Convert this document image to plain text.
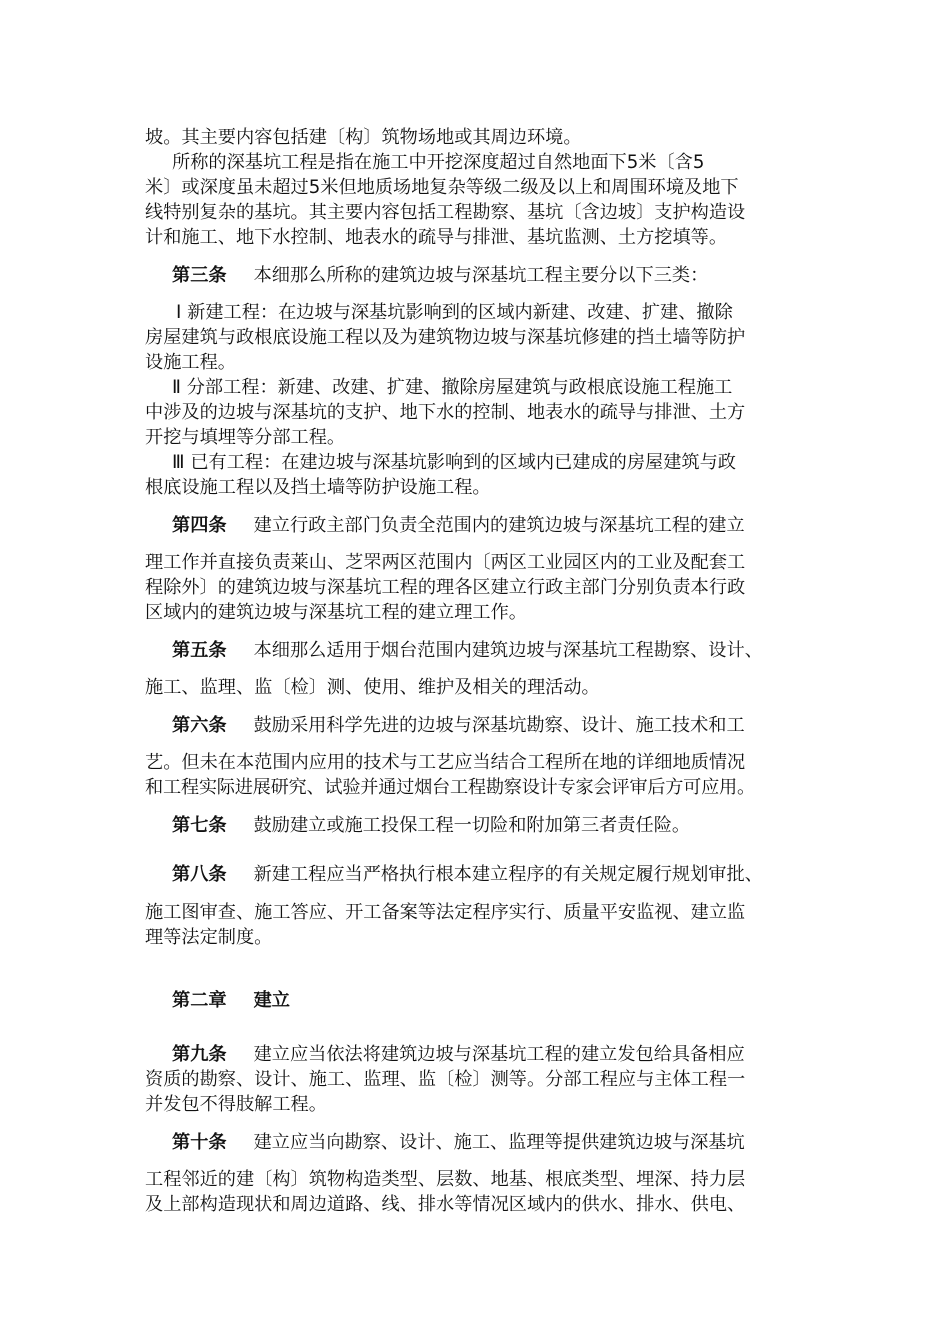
坡。其主要内容包括建〔构〕筑物场地或其周边环境。
所称的深基坑工程是指在施工中开挖深度超过自然地面下5米〔含5
米〕或深度虽未超过5米但地质场地复杂等级二级及以上和周围环境及地下
线特别复杂的基坑。其主要内容包括工程勘察、基坑〔含边坡〕支护构造设
计和施工、地下水控制、地表水的疏导与排泄、基坑监测、土方挖填等。
第三条 本细那么所称的建筑边坡与深基坑工程主要分以下三类：
Ⅰ 新建工程：在边坡与深基坑影响到的区域内新建、改建、扩建、撤除
房屋建筑与政根底设施工程以及为建筑物边坡与深基坑修建的挡土墙等防护
设施工程。
Ⅱ 分部工程：新建、改建、扩建、撤除房屋建筑与政根底设施工程施工
中涉及的边坡与深基坑的支护、地下水的控制、地表水的疏导与排泄、土方
开挖与填埋等分部工程。
Ⅲ 已有工程：在建边坡与深基坑影响到的区域内已建成的房屋建筑与政
根底设施工程以及挡土墙等防护设施工程。
第四条 建立行政主部门负责全范围内的建筑边坡与深基坑工程的建立
理工作并直接负责莱山、芝罘两区范围内〔两区工业园区内的工业及配套工
程除外〕的建筑边坡与深基坑工程的理各区建立行政主部门分别负责本行政
区域内的建筑边坡与深基坑工程的建立理工作。
第五条 本细那么适用于烟台范围内建筑边坡与深基坑工程勘察、设计、
施工、监理、监〔检〕测、使用、维护及相关的理活动。
第六条 鼓励采用科学先进的边坡与深基坑勘察、设计、施工技术和工
艺。但未在本范围内应用的技术与工艺应当结合工程所在地的详细地质情况
和工程实际进展研究、试验并通过烟台工程勘察设计专家会评审后方可应用。
第七条 鼓励建立或施工投保工程一切险和附加第三者责任险。
第八条 新建工程应当严格执行根本建立程序的有关规定履行规划审批、
施工图审查、施工答应、开工备案等法定程序实行、质量平安监视、建立监
理等法定制度。
第二章 建立
第九条 建立应当依法将建筑边坡与深基坑工程的建立发包给具备相应
资质的勘察、设计、施工、监理、监〔检〕测等。分部工程应与主体工程一
并发包不得肢解工程。
第十条 建立应当向勘察、设计、施工、监理等提供建筑边坡与深基坑
工程邻近的建〔构〕筑物构造类型、层数、地基、根底类型、埋深、持力层
及上部构造现状和周边道路、线、排水等情况区域内的供水、排水、供电、
